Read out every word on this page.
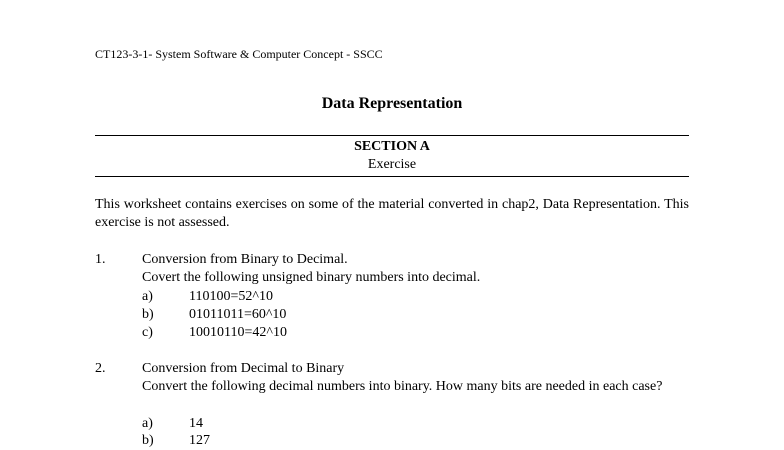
CT123-3-1- System Software & Computer Concept - SSCC
Data Representation
SECTION A
Exercise
This worksheet contains exercises on some of the material converted in chap2, Data Representation. This exercise is not assessed.
1.	Conversion from Binary to Decimal.
Covert the following unsigned binary numbers into decimal.
a)	110100=52^10
b)	01011011=60^10
c)	10010110=42^10
2.	Conversion from Decimal to Binary
Convert the following decimal numbers into binary. How many bits are needed in each case?
a)	14
b)	127
